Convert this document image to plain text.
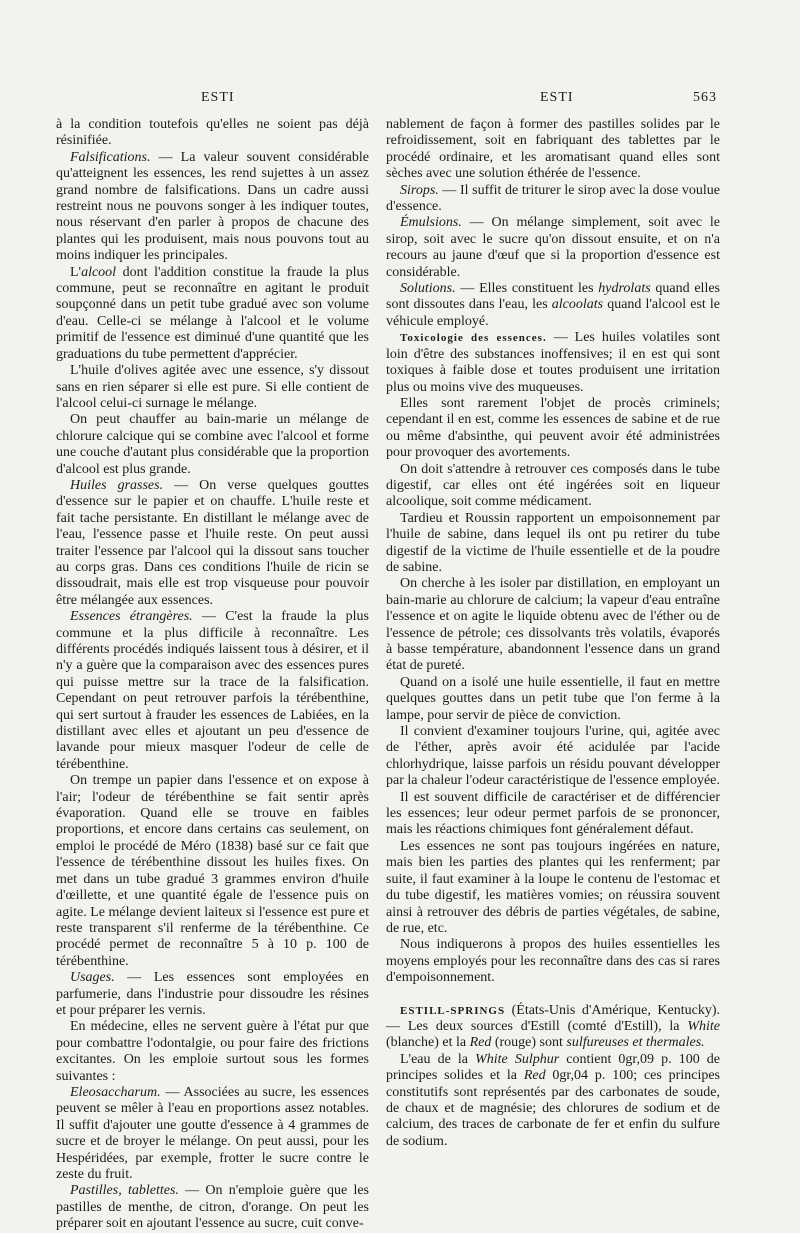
ESTI	ESTI	563

à la condition toutefois qu'elles ne soient pas déjà résinifiée.

Falsifications. — La valeur souvent considérable qu'atteignent les essences, les rend sujettes à un assez grand nombre de falsifications. Dans un cadre aussi restreint nous ne pouvons songer à les indiquer toutes, nous réservant d'en parler à propos de chacune des plantes qui les produisent, mais nous pouvons tout au moins indiquer les principales.

L'alcool dont l'addition constitue la fraude la plus commune, peut se reconnaître en agitant le produit soupçonné dans un petit tube gradué avec son volume d'eau. Celle-ci se mélange à l'alcool et le volume primitif de l'essence est diminué d'une quantité que les graduations du tube permettent d'apprécier.

L'huile d'olives agitée avec une essence, s'y dissout sans en rien séparer si elle est pure. Si elle contient de l'alcool celui-ci surnage le mélange.

On peut chauffer au bain-marie un mélange de chlorure calcique qui se combine avec l'alcool et forme une couche d'autant plus considérable que la proportion d'alcool est plus grande.

Huiles grasses. — On verse quelques gouttes d'essence sur le papier et on chauffe. L'huile reste et fait tache persistante. En distillant le mélange avec de l'eau, l'essence passe et l'huile reste. On peut aussi traiter l'essence par l'alcool qui la dissout sans toucher au corps gras. Dans ces conditions l'huile de ricin se dissoudrait, mais elle est trop visqueuse pour pouvoir être mélangée aux essences.

Essences étrangères. — C'est la fraude la plus commune et la plus difficile à reconnaître. Les différents procédés indiqués laissent tous à désirer, et il n'y a guère que la comparaison avec des essences pures qui puisse mettre sur la trace de la falsification. Cependant on peut retrouver parfois la térébenthine, qui sert surtout à frauder les essences de Labiées, en la distillant avec elles et ajoutant un peu d'essence de lavande pour mieux masquer l'odeur de celle de térébenthine.

On trempe un papier dans l'essence et on expose à l'air; l'odeur de térébenthine se fait sentir après évaporation. Quand elle se trouve en faibles proportions, et encore dans certains cas seulement, on emploi le procédé de Méro (1838) basé sur ce fait que l'essence de térébenthine dissout les huiles fixes. On met dans un tube gradué 3 grammes environ d'huile d'œillette, et une quantité égale de l'essence puis on agite. Le mélange devient laiteux si l'essence est pure et reste transparent s'il renferme de la térébenthine. Ce procédé permet de reconnaître 5 à 10 p. 100 de térébenthine.

Usages. — Les essences sont employées en parfumerie, dans l'industrie pour dissoudre les résines et pour préparer les vernis.

En médecine, elles ne servent guère à l'état pur que pour combattre l'odontalgie, ou pour faire des frictions excitantes. On les emploie surtout sous les formes suivantes :

Eleosaccharum. — Associées au sucre, les essences peuvent se mêler à l'eau en proportions assez notables. Il suffit d'ajouter une goutte d'essence à 4 grammes de sucre et de broyer le mélange. On peut aussi, pour les Hespéridées, par exemple, frotter le sucre contre le zeste du fruit.

Pastilles, tablettes. — On n'emploie guère que les pastilles de menthe, de citron, d'orange. On peut les préparer soit en ajoutant l'essence au sucre, cuit conve-

nablement de façon à former des pastilles solides par le refroidissement, soit en fabriquant des tablettes par le procédé ordinaire, et les aromatisant quand elles sont sèches avec une solution éthérée de l'essence.

Sirops. — Il suffit de triturer le sirop avec la dose voulue d'essence.

Émulsions. — On mélange simplement, soit avec le sirop, soit avec le sucre qu'on dissout ensuite, et on n'a recours au jaune d'œuf que si la proportion d'essence est considérable.

Solutions. — Elles constituent les hydrolats quand elles sont dissoutes dans l'eau, les alcoolats quand l'alcool est le véhicule employé.

Toxicologie des essences. — Les huiles volatiles sont loin d'être des substances inoffensives; il en est qui sont toxiques à faible dose et toutes produisent une irritation plus ou moins vive des muqueuses.

Elles sont rarement l'objet de procès criminels; cependant il en est, comme les essences de sabine et de rue ou même d'absinthe, qui peuvent avoir été administrées pour provoquer des avortements.

On doit s'attendre à retrouver ces composés dans le tube digestif, car elles ont été ingérées soit en liqueur alcoolique, soit comme médicament.

Tardieu et Roussin rapportent un empoisonnement par l'huile de sabine, dans lequel ils ont pu retirer du tube digestif de la victime de l'huile essentielle et de la poudre de sabine.

On cherche à les isoler par distillation, en employant un bain-marie au chlorure de calcium; la vapeur d'eau entraîne l'essence et on agite le liquide obtenu avec de l'éther ou de l'essence de pétrole; ces dissolvants très volatils, évaporés à basse température, abandonnent l'essence dans un grand état de pureté.

Quand on a isolé une huile essentielle, il faut en mettre quelques gouttes dans un petit tube que l'on ferme à la lampe, pour servir de pièce de conviction.

Il convient d'examiner toujours l'urine, qui, agitée avec de l'éther, après avoir été acidulée par l'acide chlorhydrique, laisse parfois un résidu pouvant développer par la chaleur l'odeur caractéristique de l'essence employée.

Il est souvent difficile de caractériser et de différencier les essences; leur odeur permet parfois de se prononcer, mais les réactions chimiques font généralement défaut.

Les essences ne sont pas toujours ingérées en nature, mais bien les parties des plantes qui les renferment; par suite, il faut examiner à la loupe le contenu de l'estomac et du tube digestif, les matières vomies; on réussira souvent ainsi à retrouver des débris de parties végétales, de sabine, de rue, etc.

Nous indiquerons à propos des huiles essentielles les moyens employés pour les reconnaître dans des cas si rares d'empoisonnement.

ESTILL-SPRINGS (États-Unis d'Amérique, Kentucky). — Les deux sources d'Estill (comté d'Estill), la White (blanche) et la Red (rouge) sont sulfureuses et thermales.

L'eau de la White Sulphur contient 0gr,09 p. 100 de principes solides et la Red 0gr,04 p. 100; ces principes constitutifs sont représentés par des carbonates de soude, de chaux et de magnésie; des chlorures de sodium et de calcium, des traces de carbonate de fer et enfin du sulfure de sodium.
